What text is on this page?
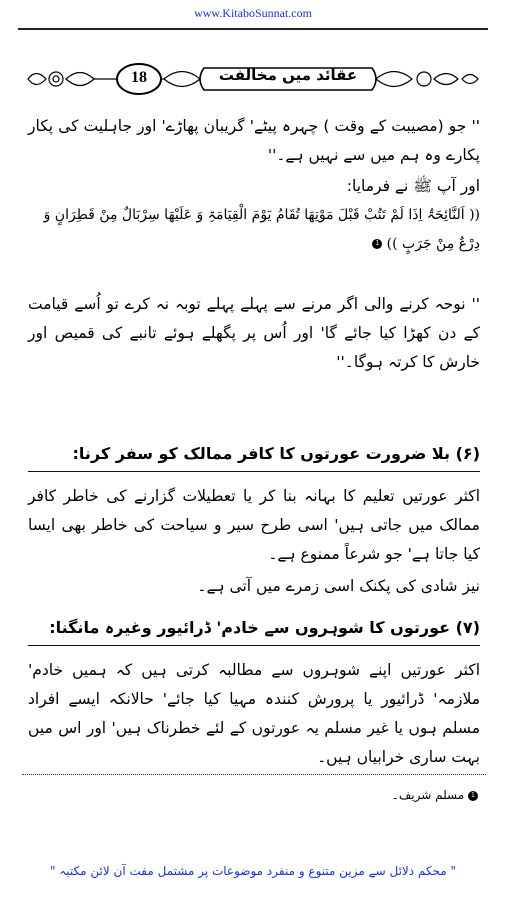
www.KitaboSunnat.com
18	عقائد میں مخالفت

'' جو (مصیبت کے وقت ) چہرہ پیٹے' گریبان پھاڑے' اور جاہلیت کی پکار پکارے وہ ہم میں سے نہیں ہے۔''

اور آپ ﷺ نے فرمایا:

(( اَلنَّائِحَۃُ اِذَا لَمْ تَتُبْ قَبْلَ مَوْتِھَا تُقَامُ یَوْمَ الْقِیَامَۃِ وَ عَلَیْھَا سِرْبَالٌ مِنْ قَطِرَانٍ وَ دِرْعٌ مِنْ جَرَبٍ )) 1

'' نوحہ کرنے والی اگر مرنے سے پہلے پہلے توبہ نہ کرے تو اُسے قیامت کے دن کھڑا کیا جائے گا' اور اُس پر پگھلے ہوئے تانبے کی قمیص اور خارش کا کرتہ ہوگا۔''

(۶) بلا ضرورت عورتوں کا کافر ممالک کو سفر کرنا:

اکثر عورتیں تعلیم کا بہانہ بنا کر یا تعطیلات گزارنے کی خاطر کافر ممالک میں جاتی ہیں' اسی طرح سیر و سیاحت کی خاطر بھی ایسا کیا جاتا ہے' جو شرعاً ممنوع ہے۔

نیز شادی کی پکنک اسی زمرے میں آتی ہے۔

(۷) عورتوں کا شوہروں سے خادم' ڈرائیور وغیرہ مانگنا:

اکثر عورتیں اپنے شوہروں سے مطالبہ کرتی ہیں کہ ہمیں خادم' ملازمہ' ڈرائیور یا پرورش کنندہ مہیا کیا جائے' حالانکہ ایسے افراد مسلم ہوں یا غیر مسلم یہ عورتوں کے لئے خطرناک ہیں' اور اس میں بہت ساری خرابیاں ہیں۔

1 مسلم شریف۔
" محکم دلائل سے مزین متنوع و منفرد موضوعات پر مشتمل مفت آن لائن مکتبہ "
